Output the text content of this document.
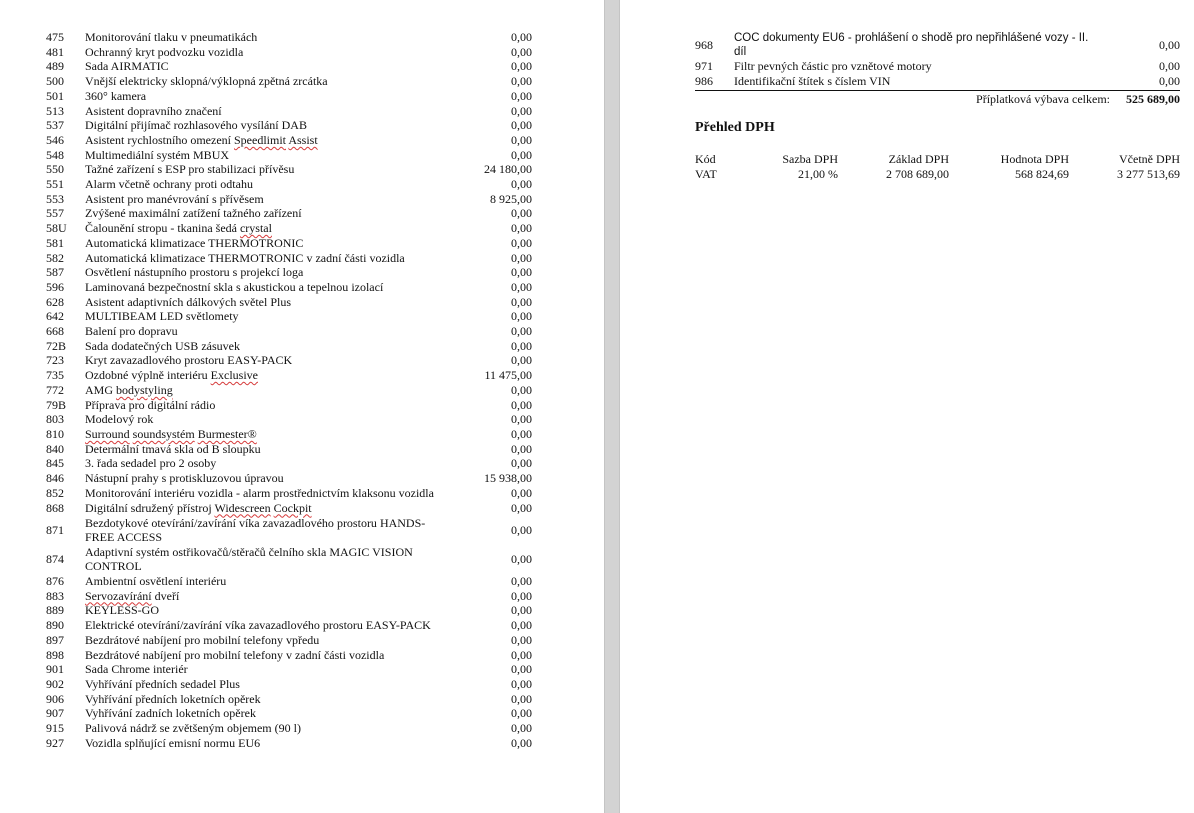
475	Monitorování tlaku v pneumatikách	0,00
481	Ochranný kryt podvozku vozidla	0,00
489	Sada AIRMATIC	0,00
500	Vnější elektricky sklopná/výklopná zpětná zrcátka	0,00
501	360° kamera	0,00
513	Asistent dopravního značení	0,00
537	Digitální přijímač rozhlasového vysílání DAB	0,00
546	Asistent rychlostního omezení Speedlimit Assist	0,00
548	Multimediální systém MBUX	0,00
550	Tažné zařízení s ESP pro stabilizaci přívěsu	24 180,00
551	Alarm včetně ochrany proti odtahu	0,00
553	Asistent pro manévrování s přívěsem	8 925,00
557	Zvýšené maximální zatížení tažného zařízení	0,00
58U	Čalounění stropu - tkanina šedá crystal	0,00
581	Automatická klimatizace THERMOTRONIC	0,00
582	Automatická klimatizace THERMOTRONIC v zadní části vozidla	0,00
587	Osvětlení nástupního prostoru s projekcí loga	0,00
596	Laminovaná bezpečnostní skla s akustickou a tepelnou izolací	0,00
628	Asistent adaptivních dálkových světel Plus	0,00
642	MULTIBEAM LED světlomety	0,00
668	Balení pro dopravu	0,00
72B	Sada dodatečných USB zásuvek	0,00
723	Kryt zavazadlového prostoru EASY-PACK	0,00
735	Ozdobné výplně interiéru Exclusive	11 475,00
772	AMG bodystyling	0,00
79B	Příprava pro digitální rádio	0,00
803	Modelový rok	0,00
810	Surround soundsystém Burmester®	0,00
840	Determální tmavá skla od B sloupku	0,00
845	3. řada sedadel pro 2 osoby	0,00
846	Nástupní prahy s protiskluzovou úpravou	15 938,00
852	Monitorování interiéru vozidla - alarm prostřednictvím klaksonu vozidla	0,00
868	Digitální sdružený přístroj Widescreen Cockpit	0,00
871	Bezdotykové otevírání/zavírání víka zavazadlového prostoru HANDS-FREE ACCESS	0,00
874	Adaptivní systém ostřikovačů/stěračů čelního skla MAGIC VISION CONTROL	0,00
876	Ambientní osvětlení interiéru	0,00
883	Servozavírání dveří	0,00
889	KEYLESS-GO	0,00
890	Elektrické otevírání/zavírání víka zavazadlového prostoru EASY-PACK	0,00
897	Bezdrátové nabíjení pro mobilní telefony vpředu	0,00
898	Bezdrátové nabíjení pro mobilní telefony v zadní části vozidla	0,00
901	Sada Chrome interiér	0,00
902	Vyhřívání předních sedadel Plus	0,00
906	Vyhřívání předních loketních opěrek	0,00
907	Vyhřívání zadních loketních opěrek	0,00
915	Palivová nádrž se zvětšeným objemem (90 l)	0,00
927	Vozidla splňující emisní normu EU6	0,00
968	COC dokumenty EU6 - prohlášení o shodě pro nepřihlášené vozy - II. díl	0,00
971	Filtr pevných částic pro vznětové motory	0,00
986	Identifikační štítek s číslem VIN	0,00
Příplatková výbava celkem: 525 689,00
Přehled DPH
Kód	Sazba DPH	Základ DPH	Hodnota DPH	Včetně DPH
VAT	21,00 %	2 708 689,00	568 824,69	3 277 513,69
